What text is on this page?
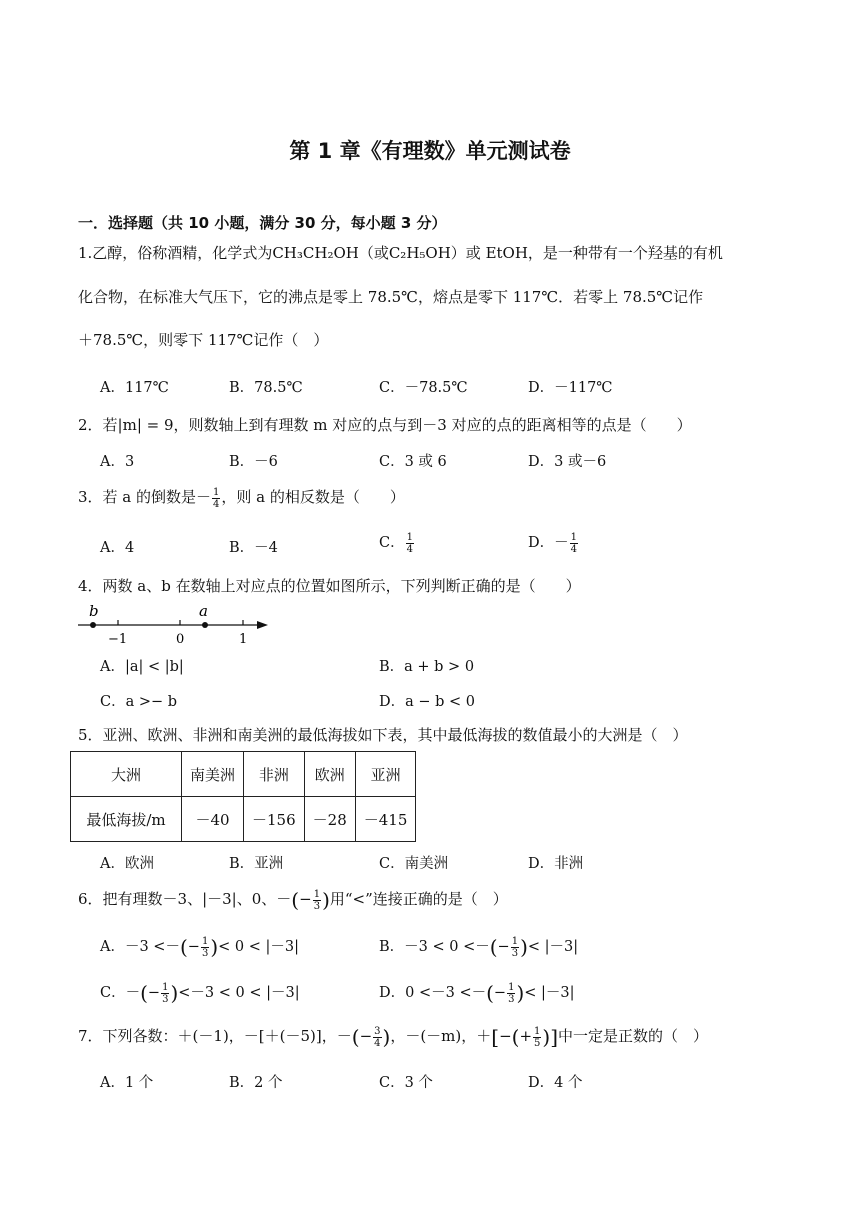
第 1 章《有理数》单元测试卷
一．选择题（共 10 小题，满分 30 分，每小题 3 分）
1.乙醇，俗称酒精，化学式为CH₃CH₂OH（或C₂H₅OH）或 EtOH，是一种带有一个羟基的有机
化合物，在标准大气压下，它的沸点是零上 78.5℃，熔点是零下 117℃．若零上 78.5℃记作
＋78.5℃，则零下 117℃记作（　）
A．117℃	B．78.5℃	C．－78.5℃	D．－117℃
2．若|m| = 9，则数轴上到有理数 m 对应的点与到－3 对应的点的距离相等的点是（　　）
A．3	B．－6	C．3 或 6	D．3 或－6
3．若 a 的倒数是－ $\frac{1}{4}$ ，则 a 的相反数是（　　）
A．4	B．－4	C． $\frac{1}{4}$	D．－ $\frac{1}{4}$
4．两数 a、b 在数轴上对应点的位置如图所示，下列判断正确的是（　　）
b	a
−1	0	1
A．|a| < |b|	B．a + b > 0
C．a >− b	D．a − b < 0
5．亚洲、欧洲、非洲和南美洲的最低海拔如下表，其中最低海拔的数值最小的大洲是（　）
大洲	南美洲	非洲	欧洲	亚洲
最低海拔/m	－40	－156	－28	－415
A．欧洲	B．亚洲	C．南美洲	D．非洲
6．把有理数－3、|－3|、0、－(− $\frac{1}{3}$ )用“<”连接正确的是（　）
A．－3 <－(− $\frac{1}{3}$ )< 0 < |－3|	B．－3 < 0 <－(− $\frac{1}{3}$ )< |－3|
C．－(− $\frac{1}{3} )<-3 < 0 < |-3|$	D．0 <－3 <－(− $\frac{1}{3}$ )< |－3|
7．下列各数：＋(－1)，－[＋(－5)]，－(− $\frac{3}{4}$ )，－(－m)，＋[−(+ $\frac{1}{5}$ )]中一定是正数的（　）
A．1 个	B．2 个	C．3 个	D．4 个
